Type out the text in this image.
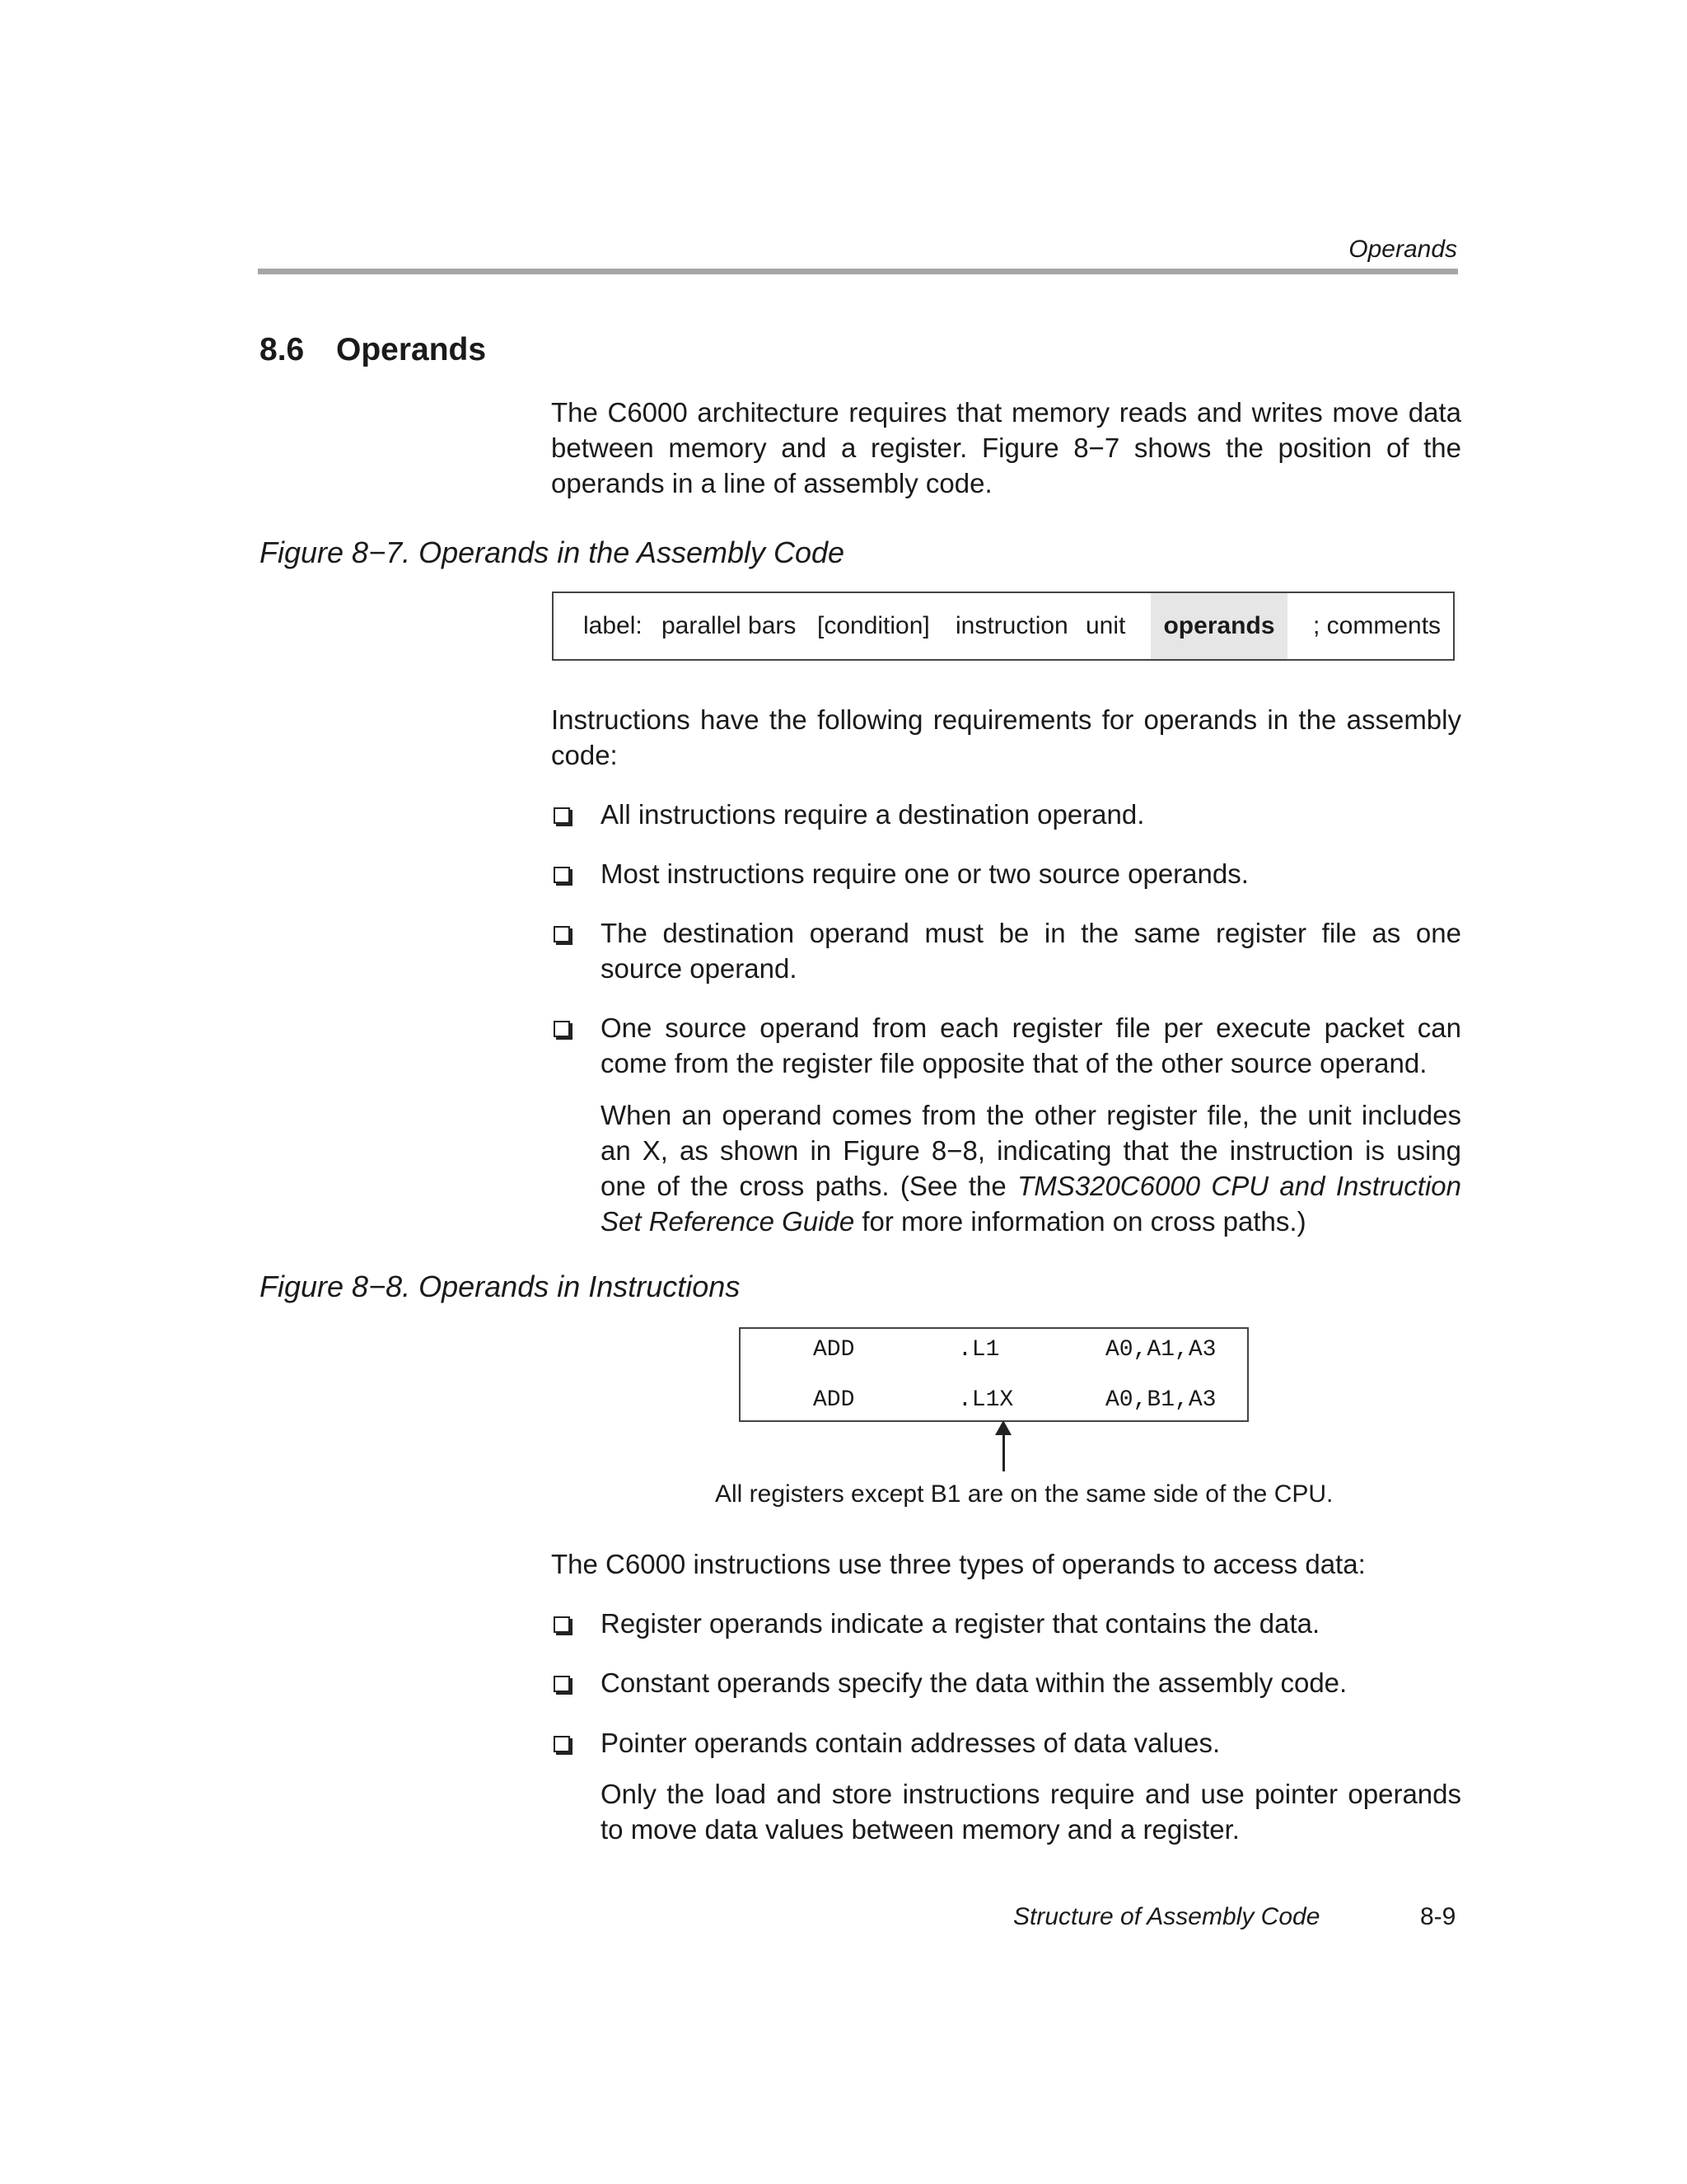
Operands
8.6 Operands

The C6000 architecture requires that memory reads and writes move data between memory and a register. Figure 8−7 shows the position of the operands in a line of assembly code.

Figure 8−7. Operands in the Assembly Code

label: parallel bars [condition] instruction unit	operands	; comments

Instructions have the following requirements for operands in the assembly code:

All instructions require a destination operand.

Most instructions require one or two source operands.

The destination operand must be in the same register file as one source operand.

One source operand from each register file per execute packet can come from the register file opposite that of the other source operand.

When an operand comes from the other register file, the unit includes an X, as shown in Figure 8−8, indicating that the instruction is using one of the cross paths. (See the TMS320C6000 CPU and Instruction Set Reference Guide for more information on cross paths.)

Figure 8−8. Operands in Instructions

ADD	.L1	A0,A1,A3
ADD	.L1X	A0,B1,A3
All registers except B1 are on the same side of the CPU.

The C6000 instructions use three types of operands to access data:

Register operands indicate a register that contains the data.

Constant operands specify the data within the assembly code.

Pointer operands contain addresses of data values.

Only the load and store instructions require and use pointer operands to move data values between memory and a register.

Structure of Assembly Code	8-9
